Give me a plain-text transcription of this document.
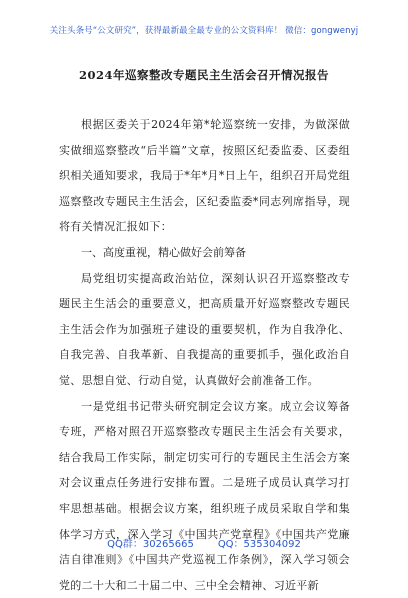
关注头条号“公文研究”，获得最新最全最专业的公文资料库！ 微信：gongwenyj
2024年巡察整改专题民主生活会召开情况报告

根据区委关于2024年第*轮巡察统一安排，为做深做实做细巡察整改“后半篇”文章，按照区纪委监委、区委组织相关通知要求，我局于*年*月*日上午，组织召开局党组巡察整改专题民主生活会，区纪委监委*同志列席指导，现将有关情况汇报如下：

一、高度重视，精心做好会前筹备

局党组切实提高政治站位，深刻认识召开巡察整改专题民主生活会的重要意义，把高质量开好巡察整改专题民主生活会作为加强班子建设的重要契机，作为自我净化、自我完善、自我革新、自我提高的重要抓手，强化政治自觉、思想自觉、行动自觉，认真做好会前准备工作。

一是党组书记带头研究制定会议方案。成立会议筹备专班，严格对照召开巡察整改专题民主生活会有关要求，结合我局工作实际，制定切实可行的专题民主生活会方案对会议重点任务进行安排布置。二是班子成员认真学习打牢思想基础。根据会议方案，组织班子成员采取自学和集体学习方式，深入学习《中国共产党章程》《中国共产党廉洁自律准则》《中国共产党巡视工作条例》，深入学习领会党的二十大和二十届二中、三中全会精神、习近平新

QQ群：30265665 QQ：535304092
